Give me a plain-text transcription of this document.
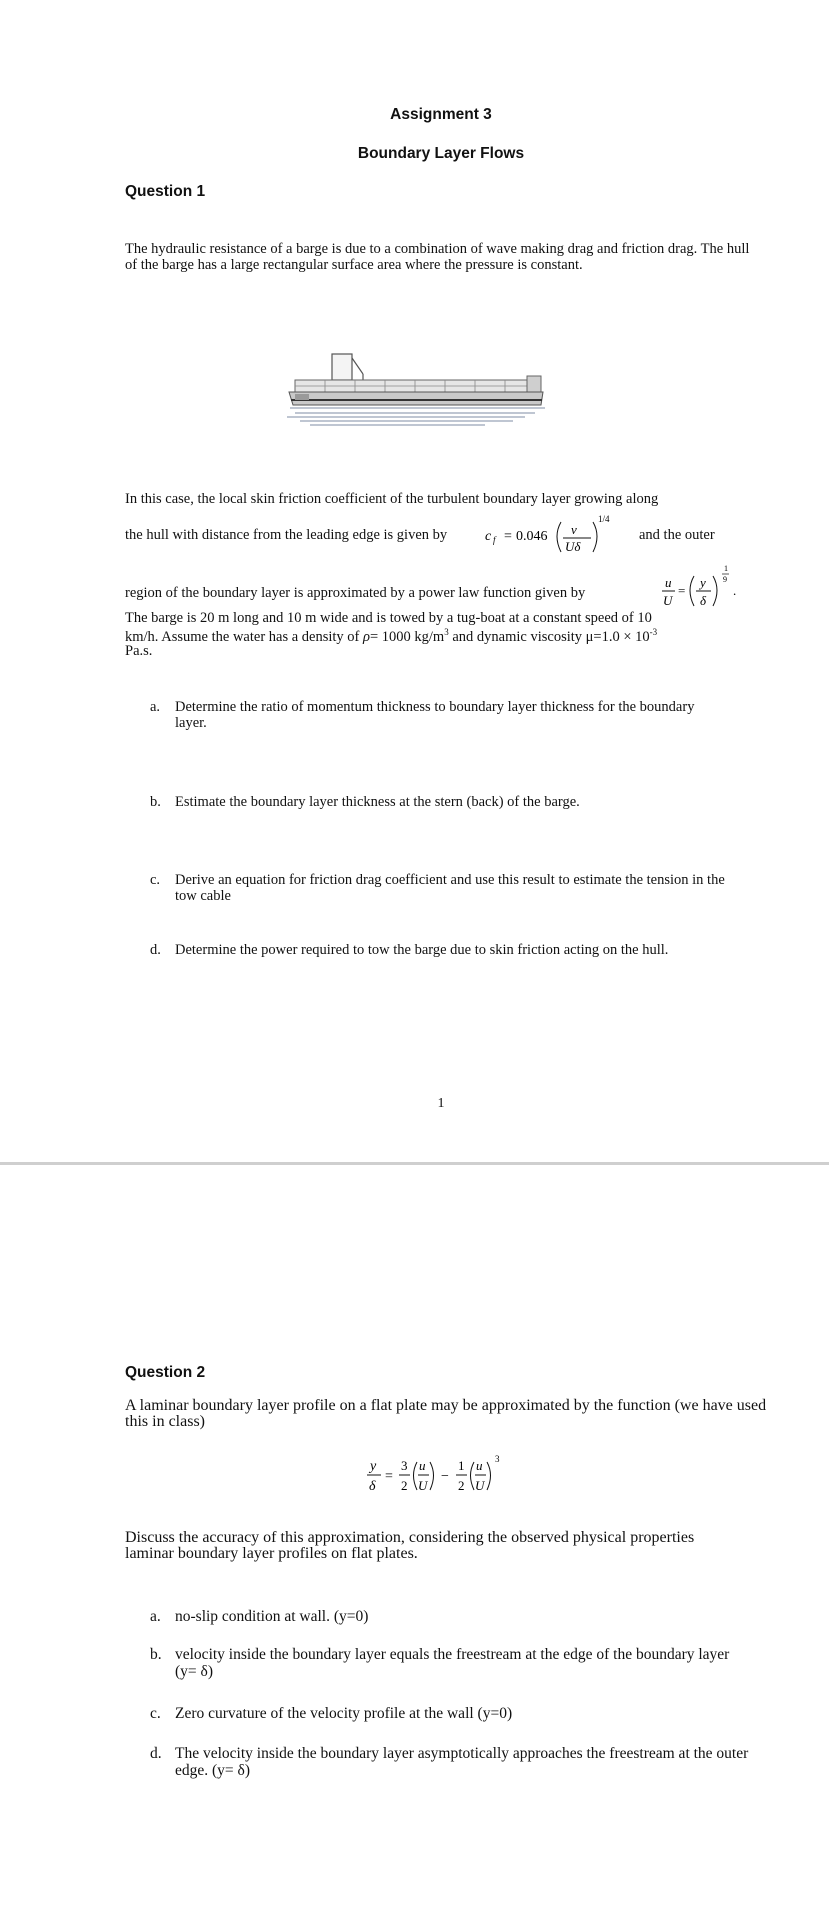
Assignment 3
Boundary Layer Flows
Question 1
The hydraulic resistance of a barge is due to a combination of wave making drag and friction drag. The hull of the barge has a large rectangular surface area where the pressure is constant.
In this case, the local skin friction coefficient of the turbulent boundary layer growing along
the hull with distance from the leading edge is given by	c f = 0.046 ν
Uδ
1/4
and the outer
region of the boundary layer is approximated by a power law function given by
u
U
=
y
δ
1
9
.
The barge is 20 m long and 10 m wide and is towed by a tug-boat at a constant speed of 10
km/h. Assume the water has a density of ρ= 1000 $kg/m^3$ and dynamic viscosity $\mu=1.0 \times 10^{-3}$
Pa.s.
a. Determine the ratio of momentum thickness to boundary layer thickness for the boundary layer.
b. Estimate the boundary layer thickness at the stern (back) of the barge.
c. Derive an equation for friction drag coefficient and use this result to estimate the tension in the tow cable
d. Determine the power required to tow the barge due to skin friction acting on the hull.
1
Question 2
A laminar boundary layer profile on a flat plate may be approximated by the function (we have used this in class)
y
δ
=
3
2
u
U
−
1
2
u
U
3
Discuss the accuracy of this approximation, considering the observed physical properties laminar boundary layer profiles on flat plates.
a. no-slip condition at wall. (y=0)
b. velocity inside the boundary layer equals the freestream at the edge of the boundary layer (y= δ)
c. Zero curvature of the velocity profile at the wall (y=0)
d. The velocity inside the boundary layer asymptotically approaches the freestream at the outer edge. (y= δ)
